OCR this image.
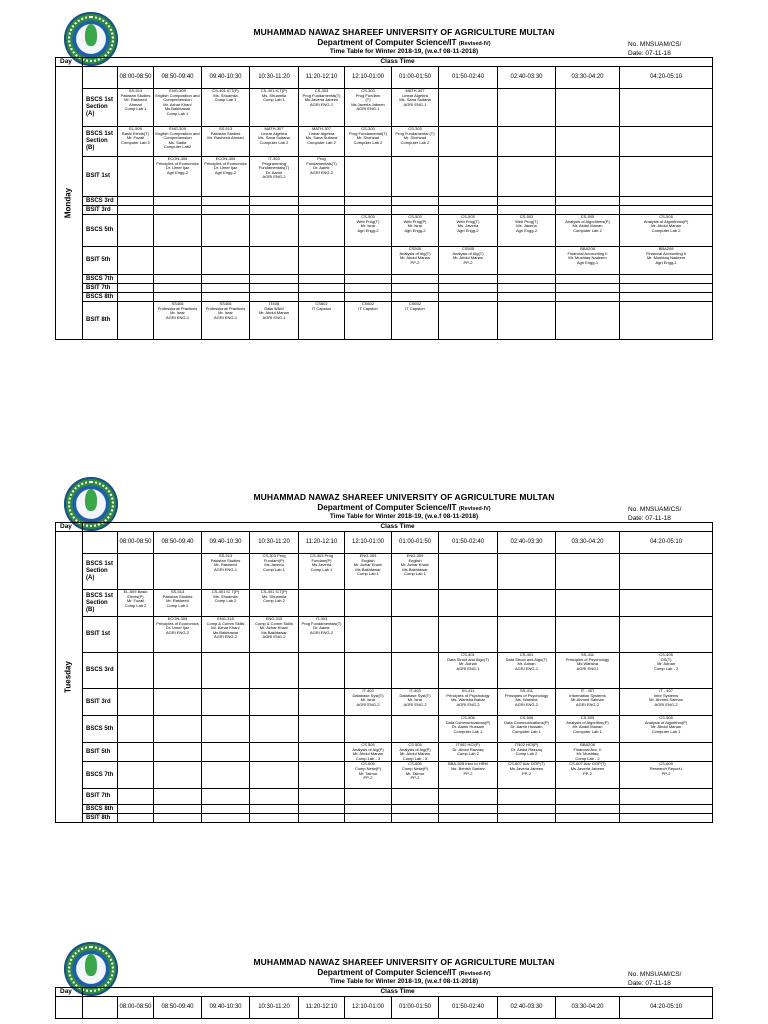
MUHAMMAD NAWAZ SHAREEF UNIVERSITY OF AGRICULTURE MULTAN
Department of Computer Science/IT (Revised-IV)
Time Table for Winter 2018-19, (w.e.f 08-11-2018)
No. MNSUAM/CS/
Date: 07-11-18
Day	Class Time											

Monday		08:00-08:50	08:50-09:40	09:40-10:30	10:30-11:20	11:20-12:10	12:10-01:00	01:00-01:50	01:50-02:40	02:40-03:30	03:30-04:20	04:20-05:10
	BSCS 1st Section (A)	SS-513
Pakistan Studies
Mr. Rasheed Ahmad
Comp Lab 1	ENG-309
English Composition and Comprehension
Mr. Azhar Khan/ Ms.Bakhtawar
Comp Lab 1	CS-401 ICT(P)
Ms. Shuamila
Comp Lab 1	CS-401 ICT(P)
Ms. Shuamila
Comp Lab 1	CS-303
Prog Fundamental(T)
Ms.Javeria Jabeen
AGRI ENG-1	CS-303
Prog Fundam
(T)
Ms.Javeria Jabeen
AGRI ENG-1	MATH-307
Linear Algebra
Ms. Sana Sultana
AGRI ENG-1				
	BSCS 1st Section (B)	EL-509
Basic Elects(T)
Mr. Fuzail
Computer Lab 2	ENG-309
English Composition and Comprehension
Ms. Sadia
Computer Lab2	SS-513
Pakistan Studies
Mr. Rasheed Ahmad	MATH-307
Linear Algebra
Ms. Sana Sultana
Computer Lab 2	MATH-307
Linear Algebra
Ms. Sana Sultana
Computer Lab 2	CS-303
Prog Fundamental(T)
Mr. Shehzad
Computer Lab 2	CS-303
Prog Fundamental (T)
Mr. Shehzad
Computer Lab 2				
	BSIT 1st		ECON-309
Principles of Economics
Dr. Umer Ijaz
Agri Engg-2	ECON-309
Principles of Economics
Dr. Umer Ijaz
Agri Engg-2	IT-303
Programming Fundamentals(T)
Dr. Aamir
AGRI ENG-2	Prog
Fundamentals(T)
Dr. Aamir
AGRI ENG-2						
	BSCS 3rd											
	BSIT 3rd											
	BSCS 5th						CS-503
Web Prog(T)
Mr. Israr
Agri Engg-2	CS-503
Web Prog(P)
Mr. Israr
Agri Engg-2	CS-503
Web Prog(T)
Ms. Javeria
Agri Engg-2	CS-503
Web Prog(T)
Ms. Javeria
Agri Engg-2	CS-505
Analysis of Algorithms(P)
Mr. Abdul Manan
Computer Lab 2	CS-505
Analysis of Algorithms(P)
Mr. Abdul Manan
Computer Lab 2
	BSIT 5th							CS505
Analysis of Alg(T)
Mr. Abdul Manan
PP-2	CS505
Analysis of Alg(T)
Mr. Abdul Manan
PP-2		BBA208
Financial Accounting II
Mr. Mushtaq Nadeem
Agri Engg-1	BBA208
Financial Accounting II
Mr. Mushtaq Nadeem
Agri Engg-1
	BSCS 7th											
	BSIT 7th											
	BSCS 8th											
	BSIT 8th		SS406
Professional Practices
Mr. Israr
AGRI ENG-1	SS406
Professional Practices
Mr. Israr
AGRI ENG-1	IT408
Data W&M
Mr. Abdul Manan
AGRI ENG-1	CS602
IT Capston	CS602
IT Capston	CS602
IT Capston				
MUHAMMAD NAWAZ SHAREEF UNIVERSITY OF AGRICULTURE MULTAN
Department of Computer Science/IT (Revised-IV)
Time Table for Winter 2018-19, (w.e.f 08-11-2018)
No. MNSUAM/CS/
Date: 07-11-18
Day	Class Time											

Tuesday		08:00-08:50	08:50-09:40	09:40-10:30	10:30-11:20	11:20-12:10	12:10-01:00	01:00-01:50	01:50-02:40	02:40-03:30	03:30-04:20	04:20-05:10
	BSCS 1st Section (A)			SS-513
Pakistan Studies
Mr. Rasheed
AGRI ENG-1	CS-303 Prog
Fundam(P)
Ms.Javeria
Comp Lab 1	CS-303 Prog
Fundam(P)
Ms.Javeria
Comp Lab 1	ENG-309
English
Mr. Azhar Khan/ Ms.Bakhtawar
Comp Lab 1	ENG-309
English
Mr. Azhar Khan/ Ms.Bakhtawar
Comp Lab 1				
	BSCS 1st Section (B)	EL-509 Basic
Elects(P)
Mr. Fuzail
Comp Lab 2	SS-513
Pakistan Studies
Mr. Rasheed
Comp Lab 2	CS-401 IC T(P)
Ms. Shuamila
Comp Lab 2	CS-401 ICT(P)
Ms. Shuamila
Comp Lab 2							
	BSIT 1st		ECON-309
Principles of Economics
Dr. Umer Ijaz
AGRI ENG-2	ENG-315
Comp & Comm Skills
Mr. Azhar Khan/ Ms.Bakhtawar
AGRI ENG-2	ENG-315
Comp & Comm Skills
Mr. Azhar Khan/ Ms.Bakhtawar
AGRI ENG-2	IT-303
Prog Fundamentals(T)
Dr. Aamir
AGRI ENG-2						
	BSCS 3rd								CS-401
Data Struct and Algo(T)
Mr. Adnan
AGRI ENG-1	CS-401
Data Struct and Algo(T)
Mr. Adnan
AGRI ENG-1	SS-411
Principles of Psychology
Ms.Warisha
AGRI ENG1	CS-405
OS(T)
Mr. Adnan
Comp Lab - 2
	BSIT 3rd						IT-403
Database Syst(T)
Mr. Israr
AGRI ENG-2	IT-403
Database Syst(T)
Mr. Israr
AGRI ENG-2	SS-411
Principles of Psychology
Ms. Warisha Babar
AGRI ENG-2	SS-411
Principles of Psychology
Ms. Warisha
AGRI ENG-2	IT - 407
Information Systems
Mr.Ahmed Salman
AGRI ENG-2	IT - 407
Infor Systems
Mr. Ahmed Salman
AGRI ENG-2
	BSCS 5th								CS-506
Data Communications(P)
Dr. Aamir Hussain
Computer Lab 1	CS-506
Data Communications(P)
Dr. Aamir Hussain
Computer Lab 1	CS-505
Analysis of Algorithm(P)
Mr. Abdul Manan
Computer Lab 1	CS-505
Analysis of Algorithm(P)
Mr. Abdul Manan
Computer Lab 1
	BSIT 5th						CS 505
Analysis of Alg(P)
Mr. Abdul Manan
Comp Lab - 3	CS 505
Analysis of Alg(P)
Mr. Abdul Manan
Comp Lab - 3	IT402 HCI(P)
Dr. Abdul Razzaq
Comp Lab 2	IT402 HCI(P)
Dr. Abdul Razzaq
Comp Lab 2	BBA208
Financial Acc. II
Mr. Mushtaq
Comp Lab - 2	
	BSCS 7th						CS-605
Comp Netw(P)
Mr. Taimur
PP-2	CS-605
Comp Netw(P)
Mr. Taimur
PP-2	BBA-308 Intro to HRM
Ms. Benish Sarfarz
PP-2	CS-607 Adv OOP(T)
Ms.Javeria Jabeen
PP-2	CS-607 Adv OOP(T)
Ms.Javeria Jabeen
PP-2	CS-609
Research Report-I
PP-2
	BSIT 7th											
	BSCS 8th											
	BSIT 8th											
MUHAMMAD NAWAZ SHAREEF UNIVERSITY OF AGRICULTURE MULTAN
Department of Computer Science/IT (Revised-IV)
Time Table for Winter 2018-19, (w.e.f 08-11-2018)
No. MNSUAM/CS/
Date: 07-11-18
Day	Class Time											
		08:00-08:50	08:50-09:40	09:40-10:30	10:30-11:20	11:20-12:10	12:10-01:00	01:00-01:50	01:50-02:40	02:40-03:30	03:30-04:20	04:20-05:10
